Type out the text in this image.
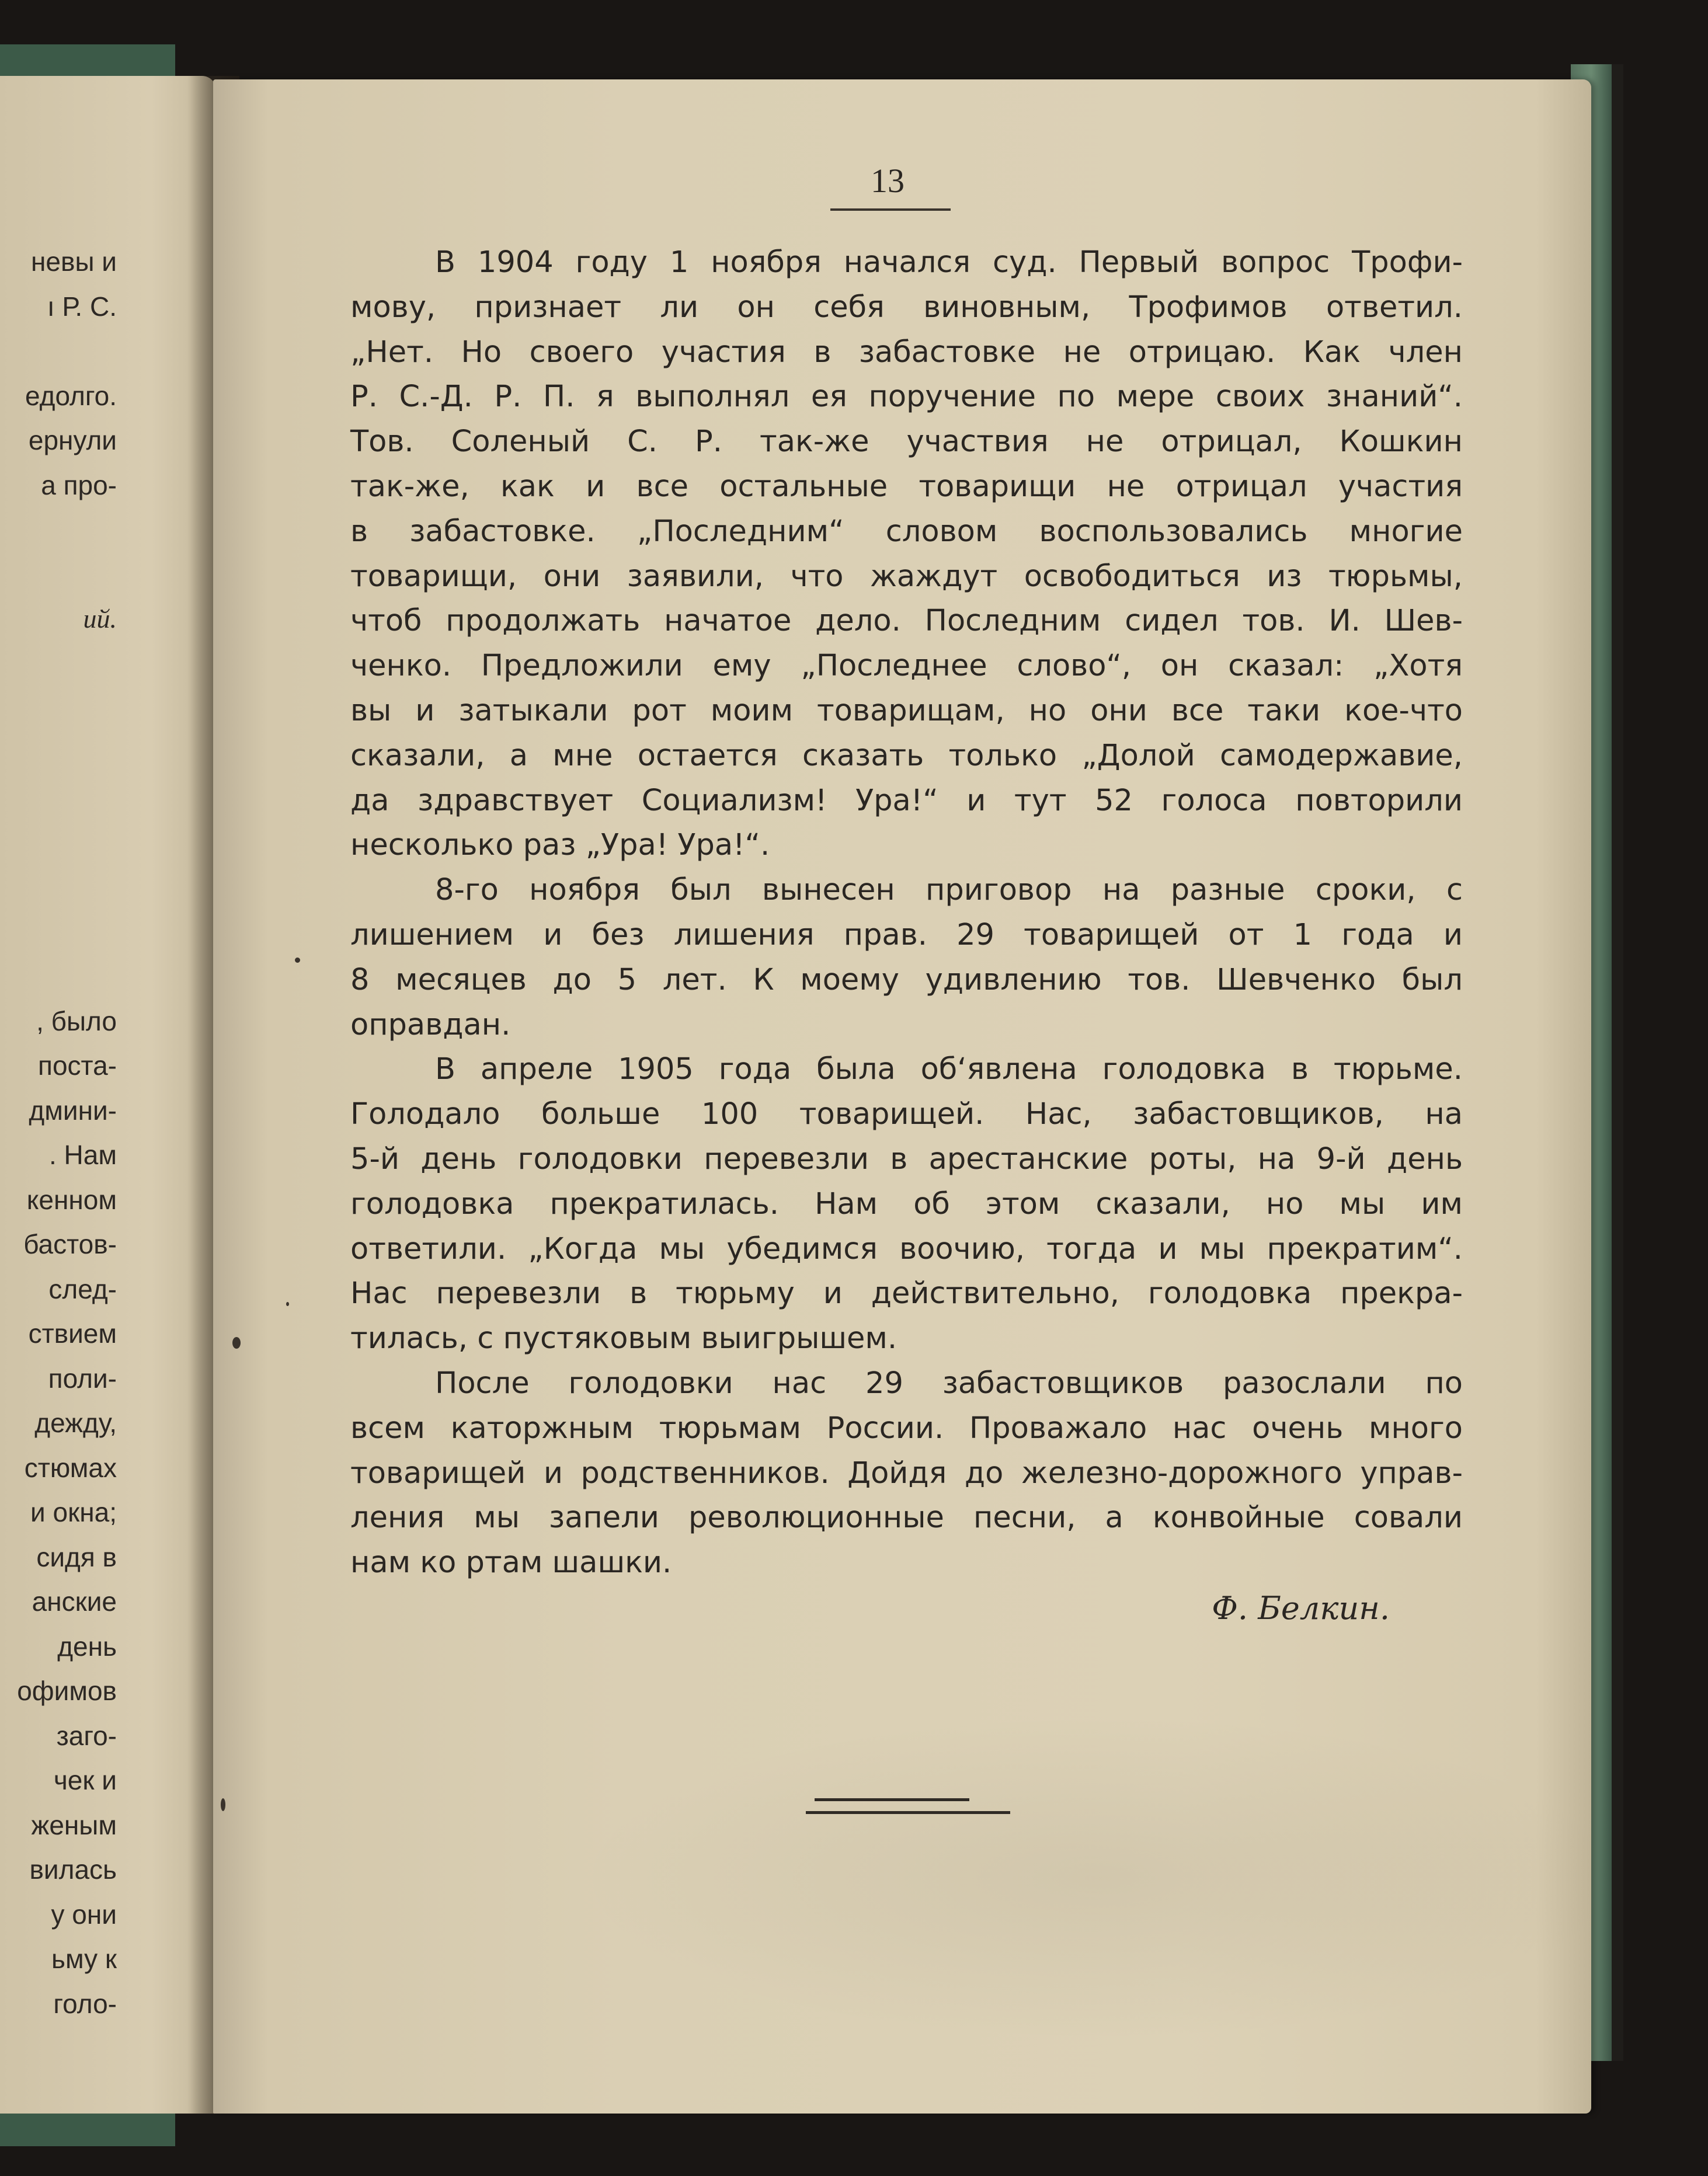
невы и
ı Р. С.
едолго.
ернули
а про-
ий.
, было
поста-
дмини-
. Нам
кенном
бастов-
след-
ствием
поли-
дежду,
стюмах
и окна;
сидя в
анские
день
офимов
заго-
чек и
женым
вилась
у они
ьму к
голо-
13
В 1904 году 1 ноября начался суд. Первый вопрос Трофи-
мову, признает ли он себя виновным, Трофимов ответил.
„Нет. Но своего участия в забастовке не отрицаю. Как член
Р. С.-Д. Р. П. я выполнял ея поручение по мере своих знаний“.
Тов. Соленый С. Р. так-же участвия не отрицал, Кошкин
так-же, как и все остальные товарищи не отрицал участия
в забастовке. „Последним“ словом воспользовались многие
товарищи, они заявили, что жаждут освободиться из тюрьмы,
чтоб продолжать начатое дело. Последним сидел тов. И. Шев-
ченко. Предложили ему „Последнее слово“, он сказал: „Хотя
вы и затыкали рот моим товарищам, но они все таки кое-что
сказали, а мне остается сказать только „Долой самодержавие,
да здравствует Социализм! Ура!“ и тут 52 голоса повторили
несколько раз „Ура! Ура!“.
8-го ноября был вынесен приговор на разные сроки, с
лишением и без лишения прав. 29 товарищей от 1 года и
8 месяцев до 5 лет. К моему удивлению тов. Шевченко был
оправдан.
В апреле 1905 года была об‘явлена голодовка в тюрьме.
Голодало больше 100 товарищей. Нас, забастовщиков, на
5-й день голодовки перевезли в арестанские роты, на 9-й день
голодовка прекратилась. Нам об этом сказали, но мы им
ответили. „Когда мы убедимся воочию, тогда и мы прекратим“.
Нас перевезли в тюрьму и действительно, голодовка прекра-
тилась, с пустяковым выигрышем.
После голодовки нас 29 забастовщиков разослали по
всем каторжным тюрьмам России. Проважало нас очень много
товарищей и родственников. Дойдя до железно-дорожного управ-
ления мы запели революционные песни, а конвойные совали
нам ко ртам шашки.
Ф. Белкин.
